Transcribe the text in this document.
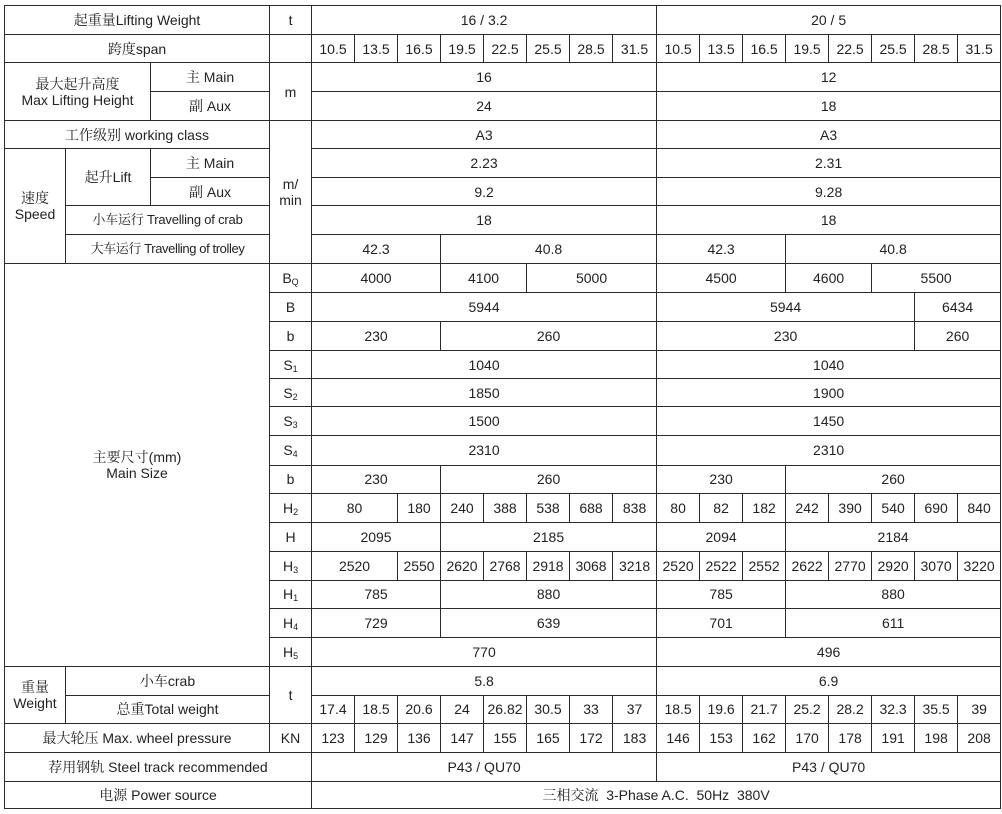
起重量Lifting Weight			t	16 / 3.2								20 / 5							
跨度span				10.5	13.5	16.5	19.5	22.5	25.5	28.5	31.5	10.5	13.5	16.5	19.5	22.5	25.5	28.5	31.5
最大起升高度
Max Lifting Height		主 Main	m	16								12							
		副 Aux		24								18							
工作级别 working class			m/ min	A3								A3							
速度
Speed	起升Lift	主 Main		2.23								2.31							
		副 Aux		9.2								9.28							
	小车运行 Travelling of crab			18								18							
	大车运行 Travelling of trolley			42.3			40.8					42.3			40.8				
主要尺寸(mm)
Main Size			$B_Q$	4000			4100		5000			4500			4600		5500		
			B	5944								5944						6434	
			b	230			260					230						260	
			$S_1$	1040								1040							
			$S_2$	1850								1900							
			$S_3$	1500								1450							
			$S_4$	2310								2310							
			b	230			260					230			260				
			$H_2$	80		180	240	388	538	688	838	80	82	182	242	390	540	690	840
			H	2095			2185					2094			2184				
			$H_3$	2520		2550	2620	2768	2918	3068	3218	2520	2522	2552	2622	2770	2920	3070	3220
			$H_1$	785			880					785			880				
			$H_4$	729			639					701			611				
			$H_5$	770								496							
重量
Weight	小车crab		t	5.8								6.9							
	总重Total weight			17.4	18.5	20.6	24	26.82	30.5	33	37	18.5	19.6	21.7	25.2	28.2	32.3	35.5	39
最大轮压 Max. wheel pressure			KN	123	129	136	147	155	165	172	183	146	153	162	170	178	191	198	208
荐用钢轨 Steel track recommended				P43 / QU70								P43 / QU70							
电源 Power source				三相交流  3-Phase A.C.  50Hz  380V															
